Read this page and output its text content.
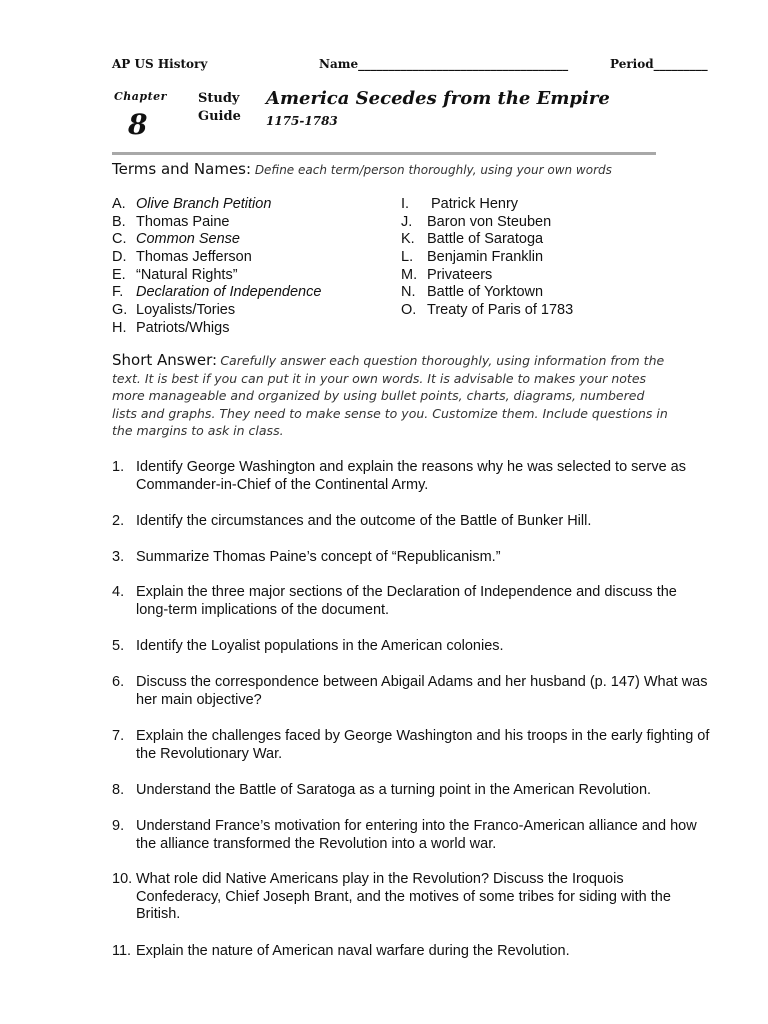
AP US History	Name___________________________________	Period_________
Chapter
8
Study
Guide
America Secedes from the Empire
1175-1783
Terms and Names: Define each term/person thoroughly, using your own words
A. Olive Branch Petition
B. Thomas Paine
C. Common Sense
D. Thomas Jefferson
E. “Natural Rights”
F. Declaration of Independence
G. Loyalists/Tories
H. Patriots/Whigs
I. Patrick Henry
J. Baron von Steuben
K. Battle of Saratoga
L. Benjamin Franklin
M. Privateers
N. Battle of Yorktown
O. Treaty of Paris of 1783
Short Answer: Carefully answer each question thoroughly, using information from the text. It is best if you can put it in your own words. It is advisable to makes your notes more manageable and organized by using bullet points, charts, diagrams, numbered lists and graphs. They need to make sense to you. Customize them. Include questions in the margins to ask in class.
1. Identify George Washington and explain the reasons why he was selected to serve as Commander-in-Chief of the Continental Army.
2. Identify the circumstances and the outcome of the Battle of Bunker Hill.
3. Summarize Thomas Paine’s concept of “Republicanism.”
4. Explain the three major sections of the Declaration of Independence and discuss the long-term implications of the document.
5. Identify the Loyalist populations in the American colonies.
6. Discuss the correspondence between Abigail Adams and her husband (p. 147) What was her main objective?
7. Explain the challenges faced by George Washington and his troops in the early fighting of the Revolutionary War.
8. Understand the Battle of Saratoga as a turning point in the American Revolution.
9. Understand France’s motivation for entering into the Franco-American alliance and how the alliance transformed the Revolution into a world war.
10. What role did Native Americans play in the Revolution? Discuss the Iroquois Confederacy, Chief Joseph Brant, and the motives of some tribes for siding with the British.
11. Explain the nature of American naval warfare during the Revolution.
